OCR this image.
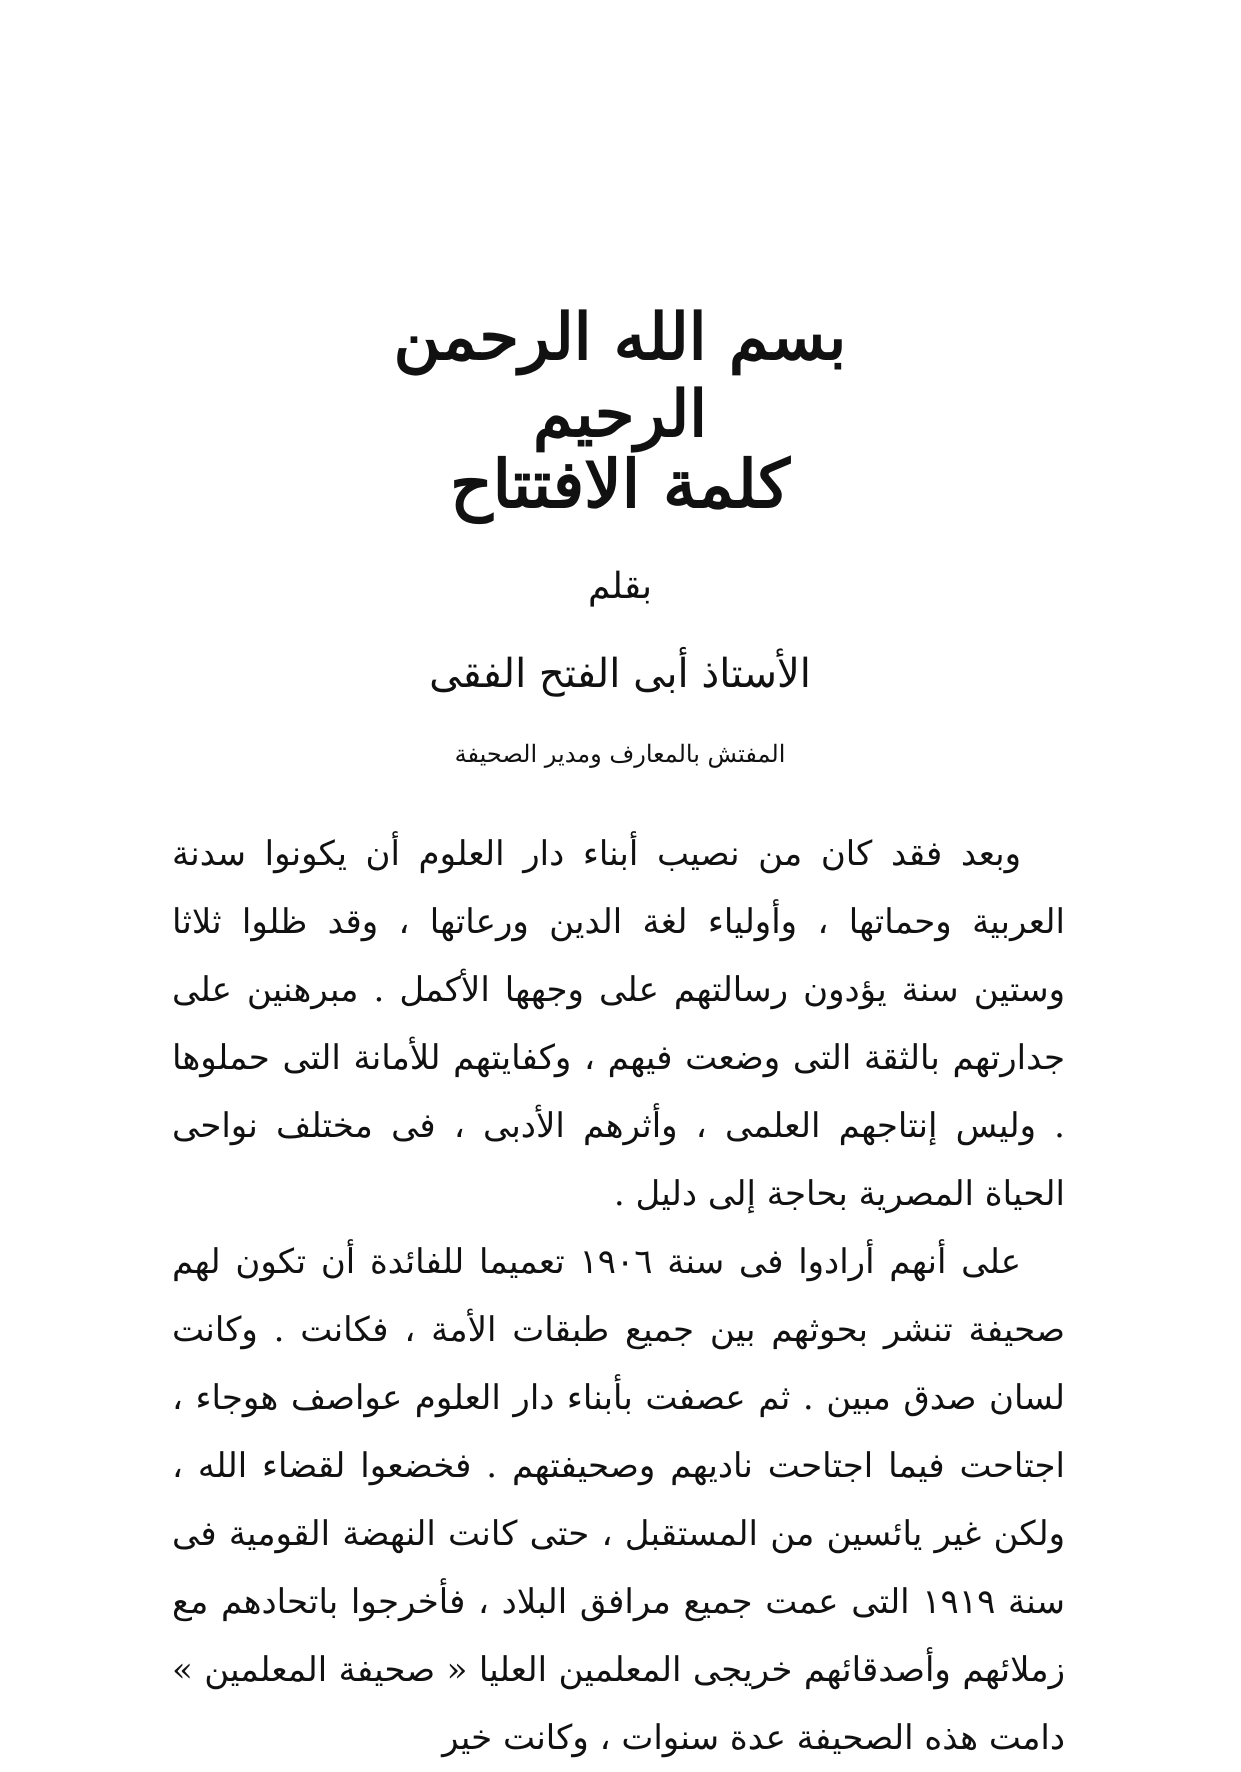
بسم الله الرحمن الرحيم
كلمة الافتتاح
بقلم
الأستاذ أبى الفتح الفقى
المفتش بالمعارف ومدير الصحيفة

وبعد فقد كان من نصيب أبناء دار العلوم أن يكونوا سدنة العربية وحماتها ، وأولياء لغة الدين ورعاتها ، وقد ظلوا ثلاثا وستين سنة يؤدون رسالتهم على وجهها الأكمل . مبرهنين على جدارتهم بالثقة التى وضعت فيهم ، وكفايتهم للأمانة التى حملوها . وليس إنتاجهم العلمى ، وأثرهم الأدبى ، فى مختلف نواحى الحياة المصرية بحاجة إلى دليل .

على أنهم أرادوا فى سنة ١٩٠٦ تعميما للفائدة أن تكون لهم صحيفة تنشر بحوثهم بين جميع طبقات الأمة ، فكانت . وكانت لسان صدق مبين . ثم عصفت بأبناء دار العلوم عواصف هوجاء ، اجتاحت فيما اجتاحت ناديهم وصحيفتهم . فخضعوا لقضاء الله ، ولكن غير يائسين من المستقبل ، حتى كانت النهضة القومية فى سنة ١٩١٩ التى عمت جميع مرافق البلاد ، فأخرجوا باتحادهم مع زملائهم وأصدقائهم خريجى المعلمين العليا « صحيفة المعلمين » دامت هذه الصحيفة عدة سنوات ، وكانت خير
